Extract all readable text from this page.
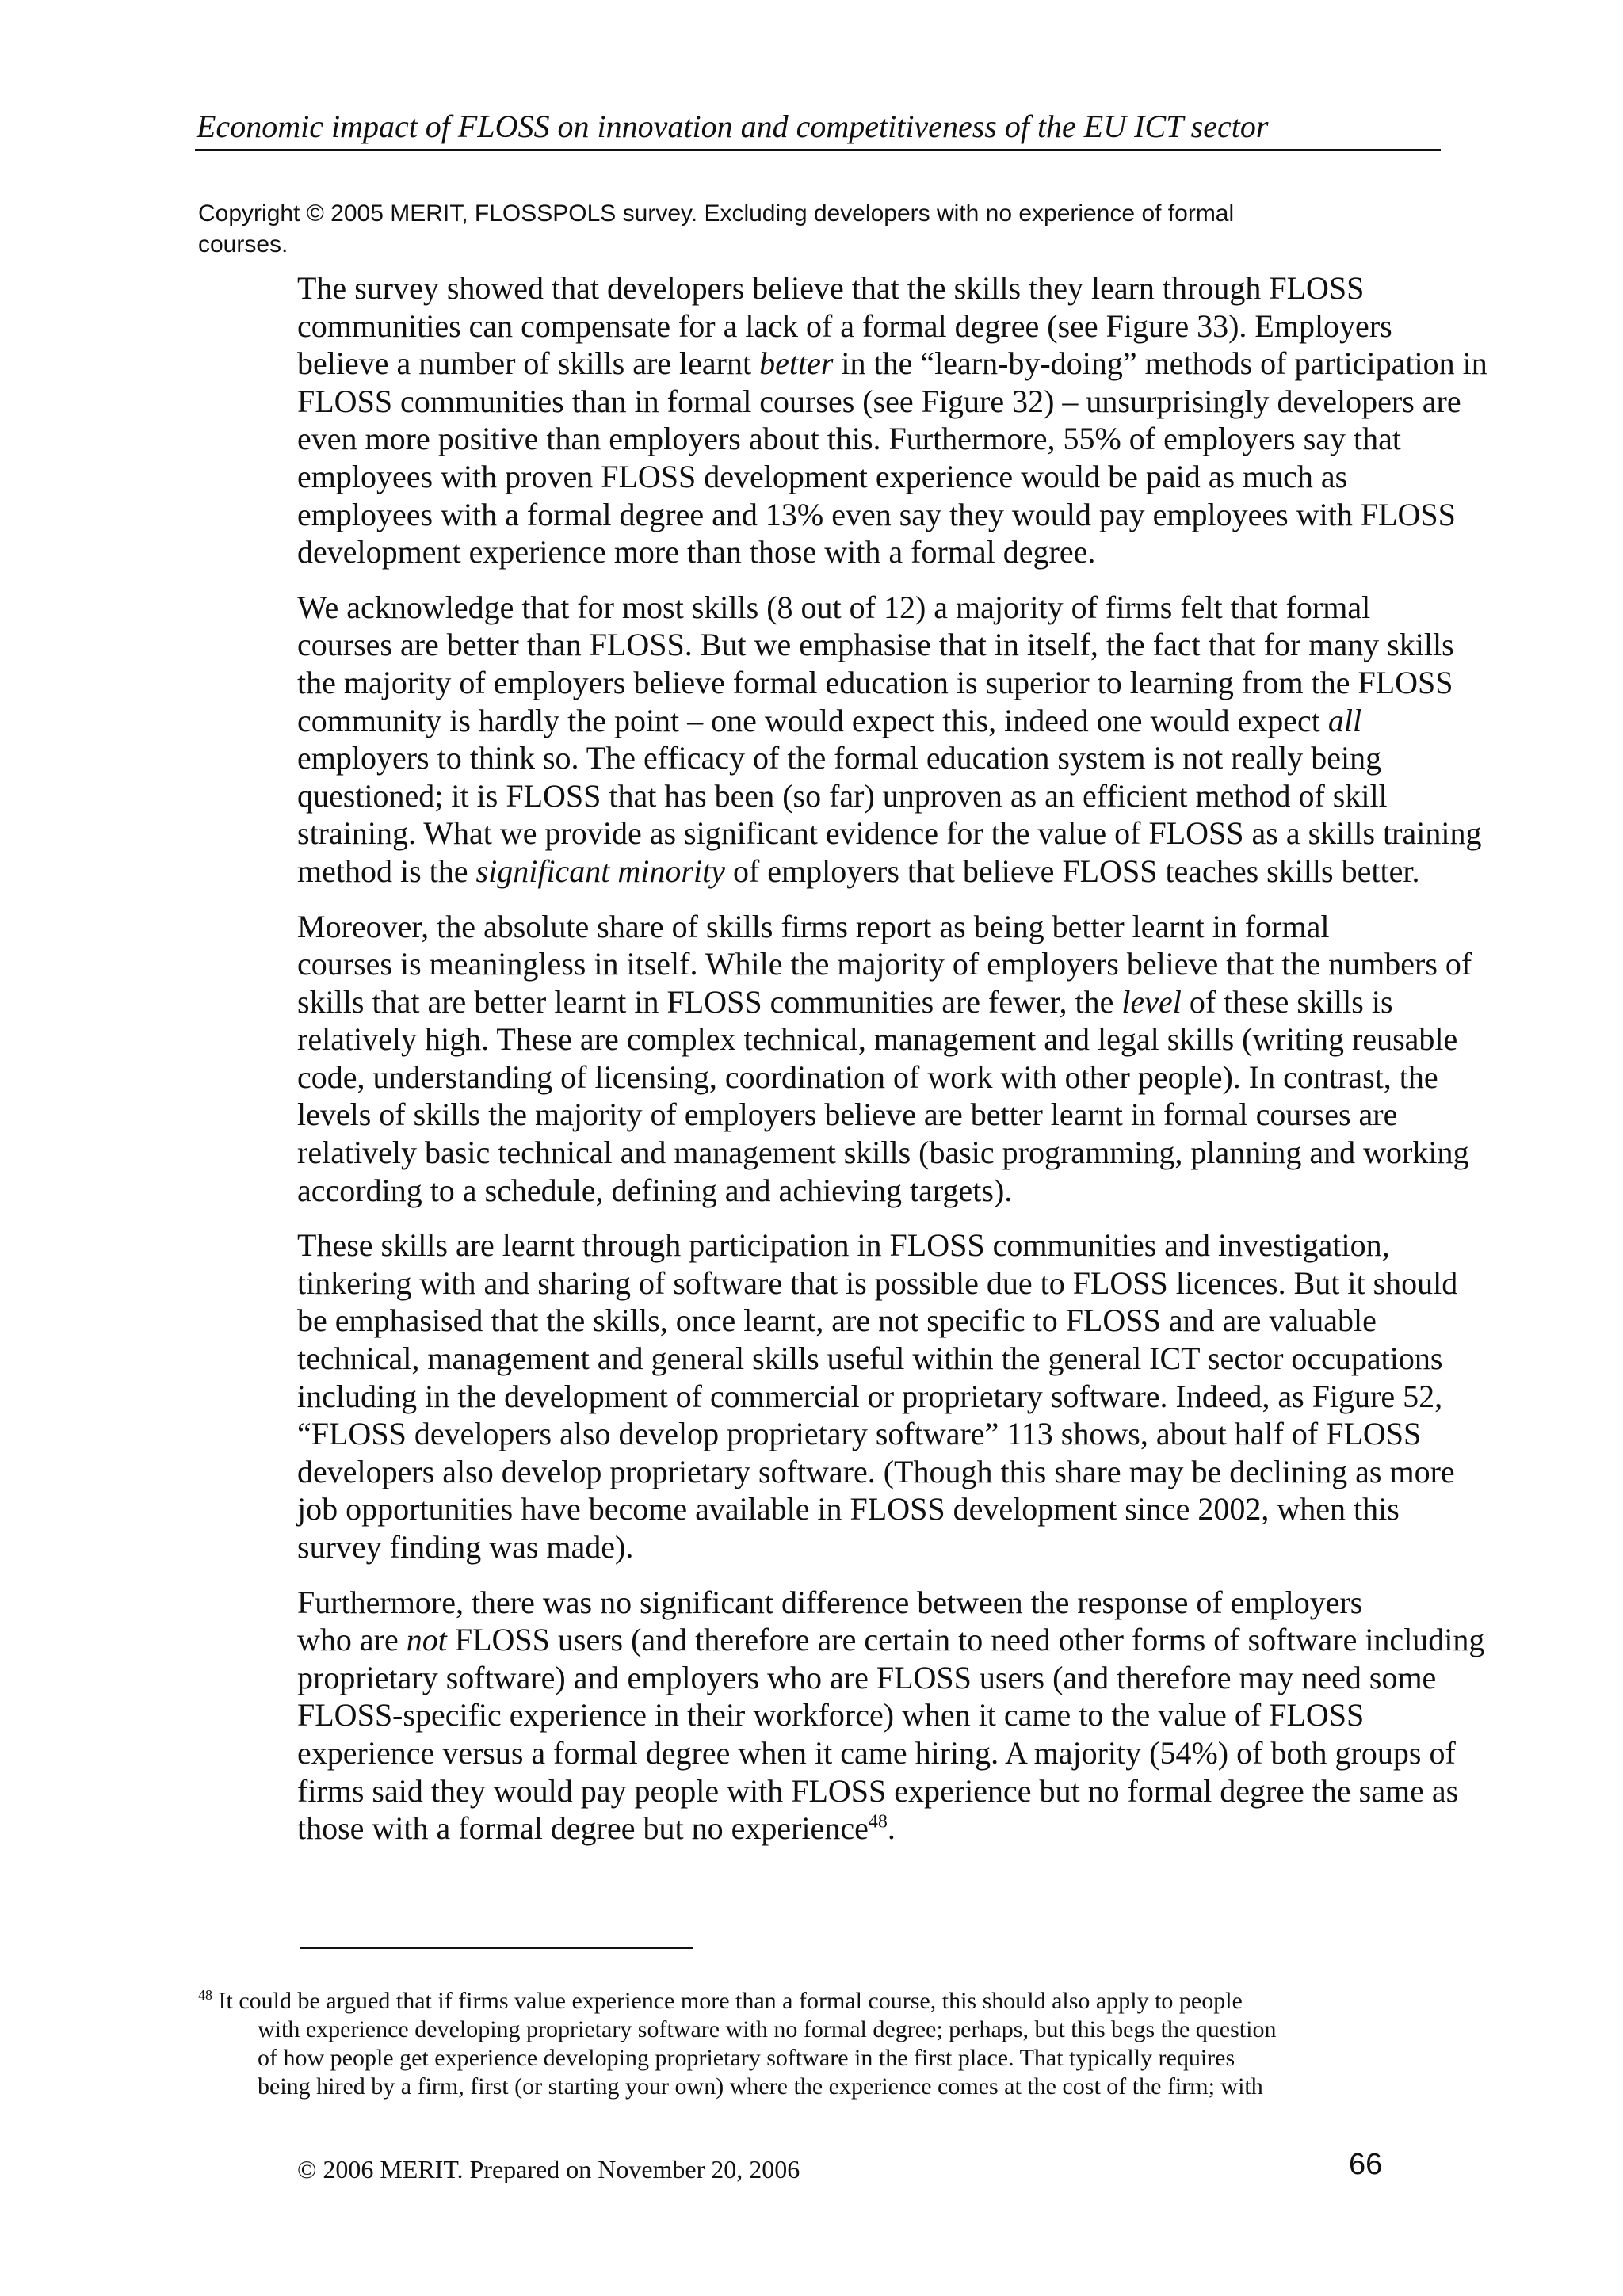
Economic impact of FLOSS on innovation and competitiveness of the EU ICT sector
Copyright © 2005 MERIT, FLOSSPOLS survey. Excluding developers with no experience of formal
courses.
The survey showed that developers believe that the skills they learn through FLOSS
communities can compensate for a lack of a formal degree (see Figure 33). Employers
believe a number of skills are learnt better in the “learn-by-doing” methods of participation in
FLOSS communities than in formal courses (see Figure 32) – unsurprisingly developers are
even more positive than employers about this. Furthermore, 55% of employers say that
employees with proven FLOSS development experience would be paid as much as
employees with a formal degree and 13% even say they would pay employees with FLOSS
development experience more than those with a formal degree.
We acknowledge that for most skills (8 out of 12) a majority of firms felt that formal
courses are better than FLOSS. But we emphasise that in itself, the fact that for many skills
the majority of employers believe formal education is superior to learning from the FLOSS
community is hardly the point – one would expect this, indeed one would expect all
employers to think so. The efficacy of the formal education system is not really being
questioned; it is FLOSS that has been (so far) unproven as an efficient method of skill
straining. What we provide as significant evidence for the value of FLOSS as a skills training
method is the significant minority of employers that believe FLOSS teaches skills better.
Moreover, the absolute share of skills firms report as being better learnt in formal
courses is meaningless in itself. While the majority of employers believe that the numbers of
skills that are better learnt in FLOSS communities are fewer, the level of these skills is
relatively high. These are complex technical, management and legal skills (writing reusable
code, understanding of licensing, coordination of work with other people). In contrast, the
levels of skills the majority of employers believe are better learnt in formal courses are
relatively basic technical and management skills (basic programming, planning and working
according to a schedule, defining and achieving targets).
These skills are learnt through participation in FLOSS communities and investigation,
tinkering with and sharing of software that is possible due to FLOSS licences. But it should
be emphasised that the skills, once learnt, are not specific to FLOSS and are valuable
technical, management and general skills useful within the general ICT sector occupations
including in the development of commercial or proprietary software. Indeed, as Figure 52,
“FLOSS developers also develop proprietary software” 113 shows, about half of FLOSS
developers also develop proprietary software. (Though this share may be declining as more
job opportunities have become available in FLOSS development since 2002, when this
survey finding was made).
Furthermore, there was no significant difference between the response of employers
who are not FLOSS users (and therefore are certain to need other forms of software including
proprietary software) and employers who are FLOSS users (and therefore may need some
FLOSS-specific experience in their workforce) when it came to the value of FLOSS
experience versus a formal degree when it came hiring. A majority (54%) of both groups of
firms said they would pay people with FLOSS experience but no formal degree the same as
those with a formal degree but no experience$^{48}$.
$^{48}$ It could be argued that if firms value experience more than a formal course, this should also apply to people
with experience developing proprietary software with no formal degree; perhaps, but this begs the question
of how people get experience developing proprietary software in the first place. That typically requires
being hired by a firm, first (or starting your own) where the experience comes at the cost of the firm; with
© 2006 MERIT. Prepared on November 20, 2006	66
